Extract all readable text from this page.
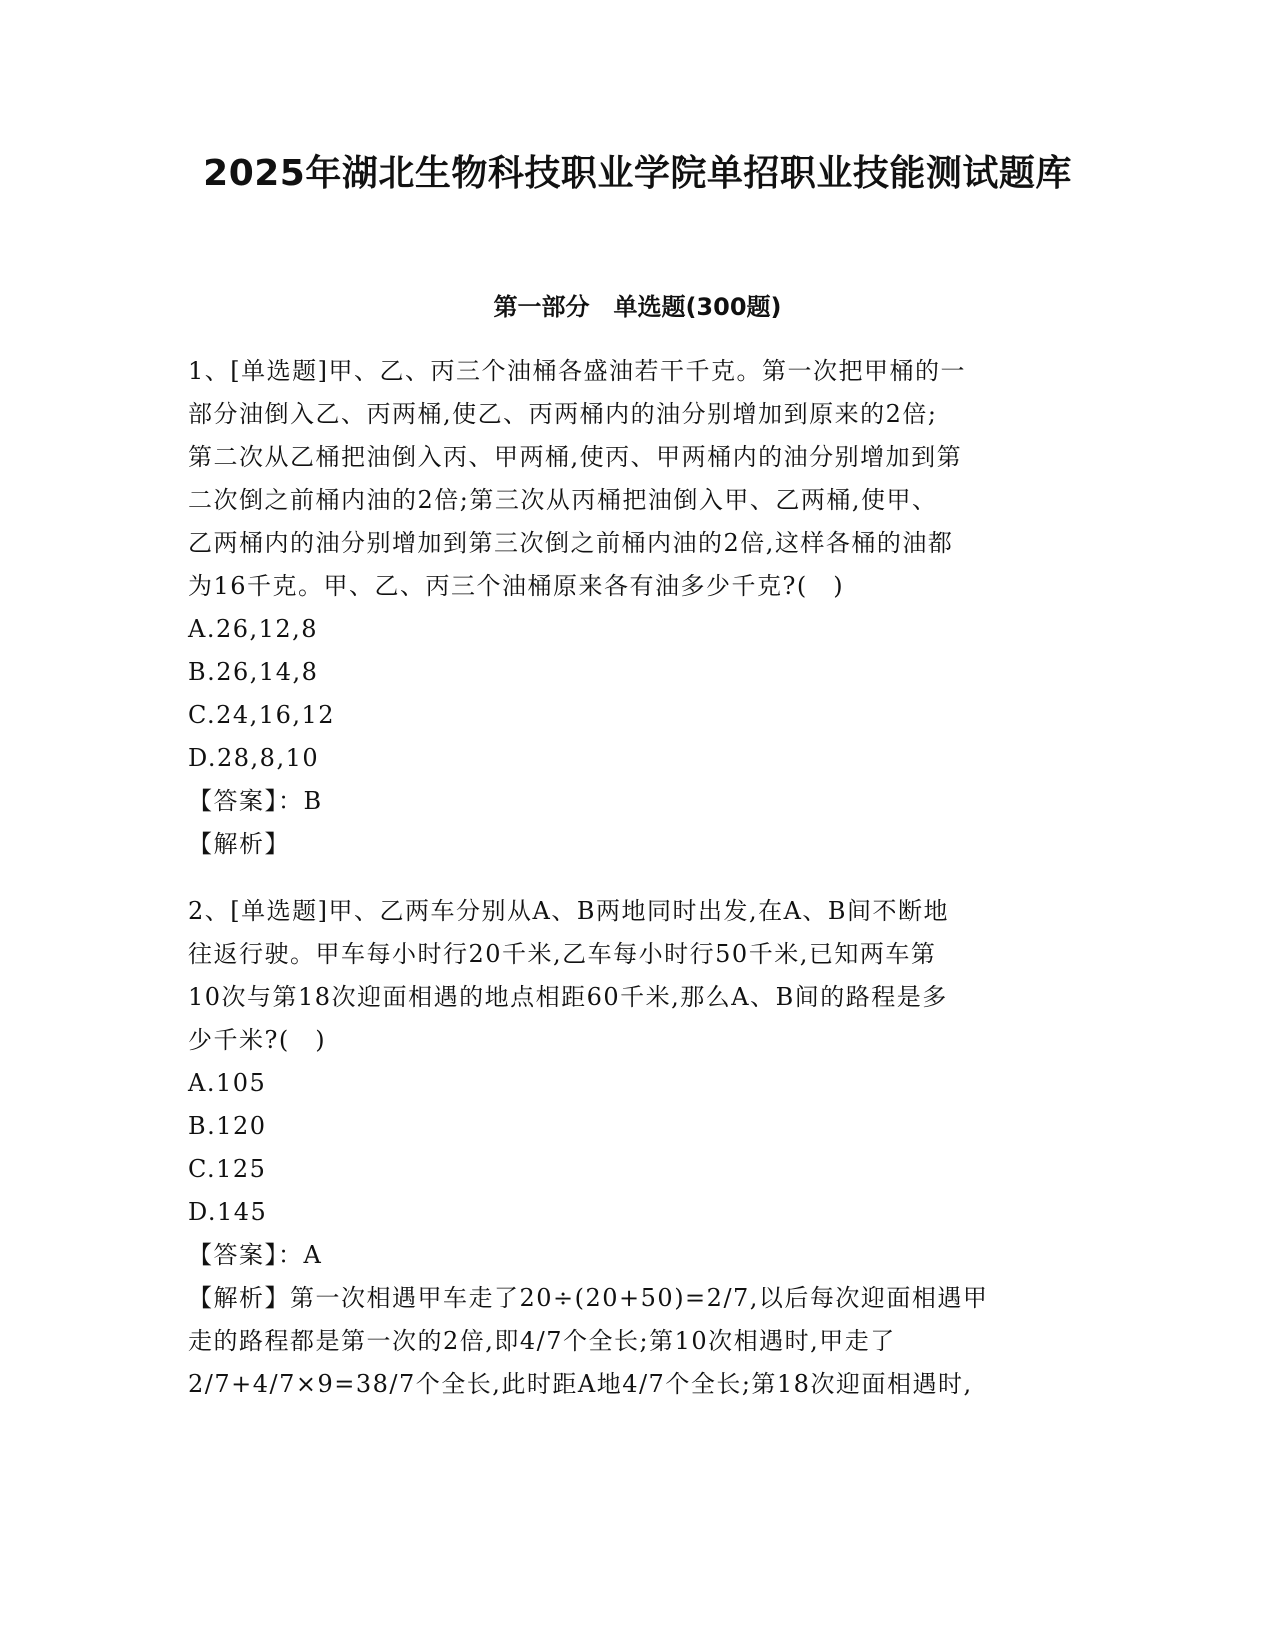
2025年湖北生物科技职业学院单招职业技能测试题库
第一部分　单选题(300题)
1、[单选题]甲、乙、丙三个油桶各盛油若干千克。第一次把甲桶的一
部分油倒入乙、丙两桶,使乙、丙两桶内的油分别增加到原来的2倍;
第二次从乙桶把油倒入丙、甲两桶,使丙、甲两桶内的油分别增加到第
二次倒之前桶内油的2倍;第三次从丙桶把油倒入甲、乙两桶,使甲、
乙两桶内的油分别增加到第三次倒之前桶内油的2倍,这样各桶的油都
为16千克。甲、乙、丙三个油桶原来各有油多少千克?(　)
A.26,12,8
B.26,14,8
C.24,16,12
D.28,8,10
【答案】：B
【解析】
2、[单选题]甲、乙两车分别从A、B两地同时出发,在A、B间不断地
往返行驶。甲车每小时行20千米,乙车每小时行50千米,已知两车第
10次与第18次迎面相遇的地点相距60千米,那么A、B间的路程是多
少千米?(　)
A.105
B.120
C.125
D.145
【答案】：A
【解析】第一次相遇甲车走了20÷(20+50)=2/7,以后每次迎面相遇甲
走的路程都是第一次的2倍,即4/7个全长;第10次相遇时,甲走了
2/7+4/7×9=38/7个全长,此时距A地4/7个全长;第18次迎面相遇时,
